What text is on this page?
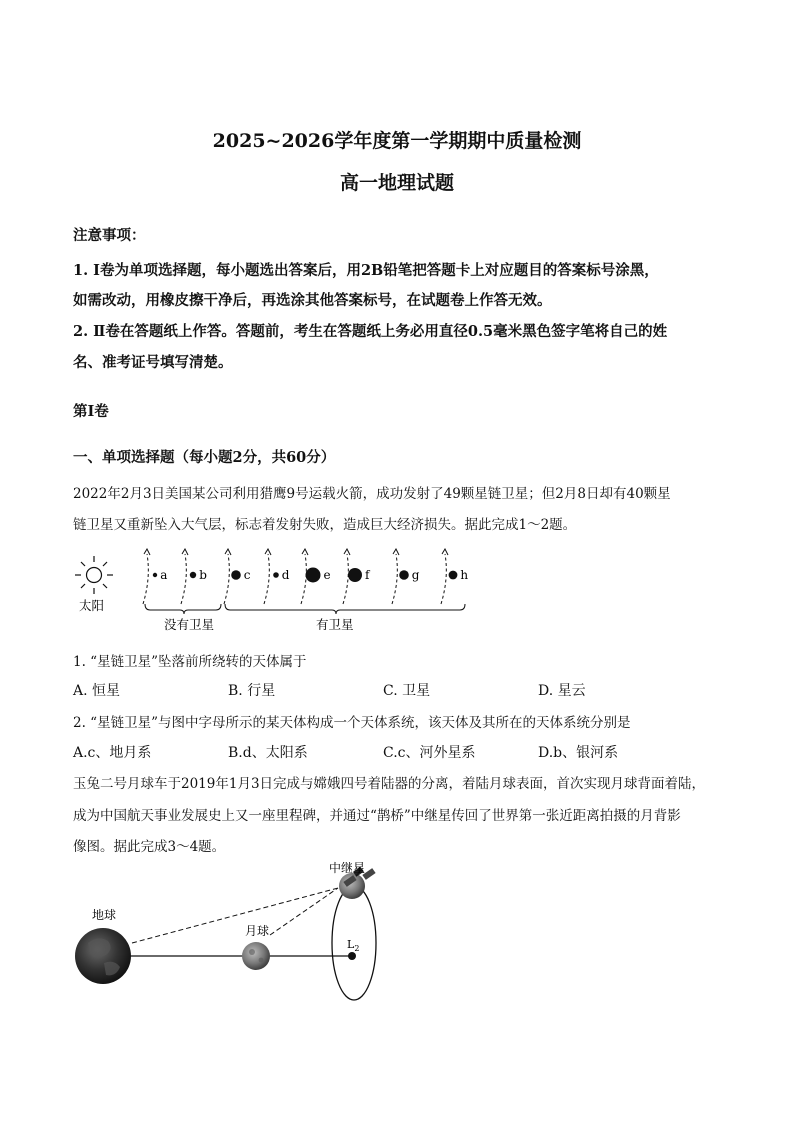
2025~2026学年度第一学期期中质量检测
高一地理试题
注意事项：
1. Ⅰ卷为单项选择题，每小题选出答案后，用2B铅笔把答题卡上对应题目的答案标号涂黑，
如需改动，用橡皮擦干净后，再选涂其他答案标号，在试题卷上作答无效。
2. Ⅱ卷在答题纸上作答。答题前，考生在答题纸上务必用直径0.5毫米黑色签字笔将自己的姓
名、准考证号填写清楚。
第Ⅰ卷
一、单项选择题（每小题2分，共60分）
2022年2月3日美国某公司利用猎鹰9号运载火箭，成功发射了49颗星链卫星；但2月8日却有40颗星
链卫星又重新坠入大气层，标志着发射失败，造成巨大经济损失。据此完成1～2题。
太阳
a	b	c	d	e	f	g	h
没有卫星	有卫星
1. “星链卫星”坠落前所绕转的天体属于
A. 恒星	B. 行星	C. 卫星	D. 星云
2. “星链卫星”与图中字母所示的某天体构成一个天体系统，该天体及其所在的天体系统分别是
A.c、地月系	B.d、太阳系	C.c、河外星系	D.b、银河系
玉兔二号月球车于2019年1月3日完成与嫦娥四号着陆器的分离，着陆月球表面，首次实现月球背面着陆，
成为中国航天事业发展史上又一座里程碑，并通过“鹊桥”中继星传回了世界第一张近距离拍摄的月背影
像图。据此完成3～4题。
地球
月球
中继星
$L_2$
